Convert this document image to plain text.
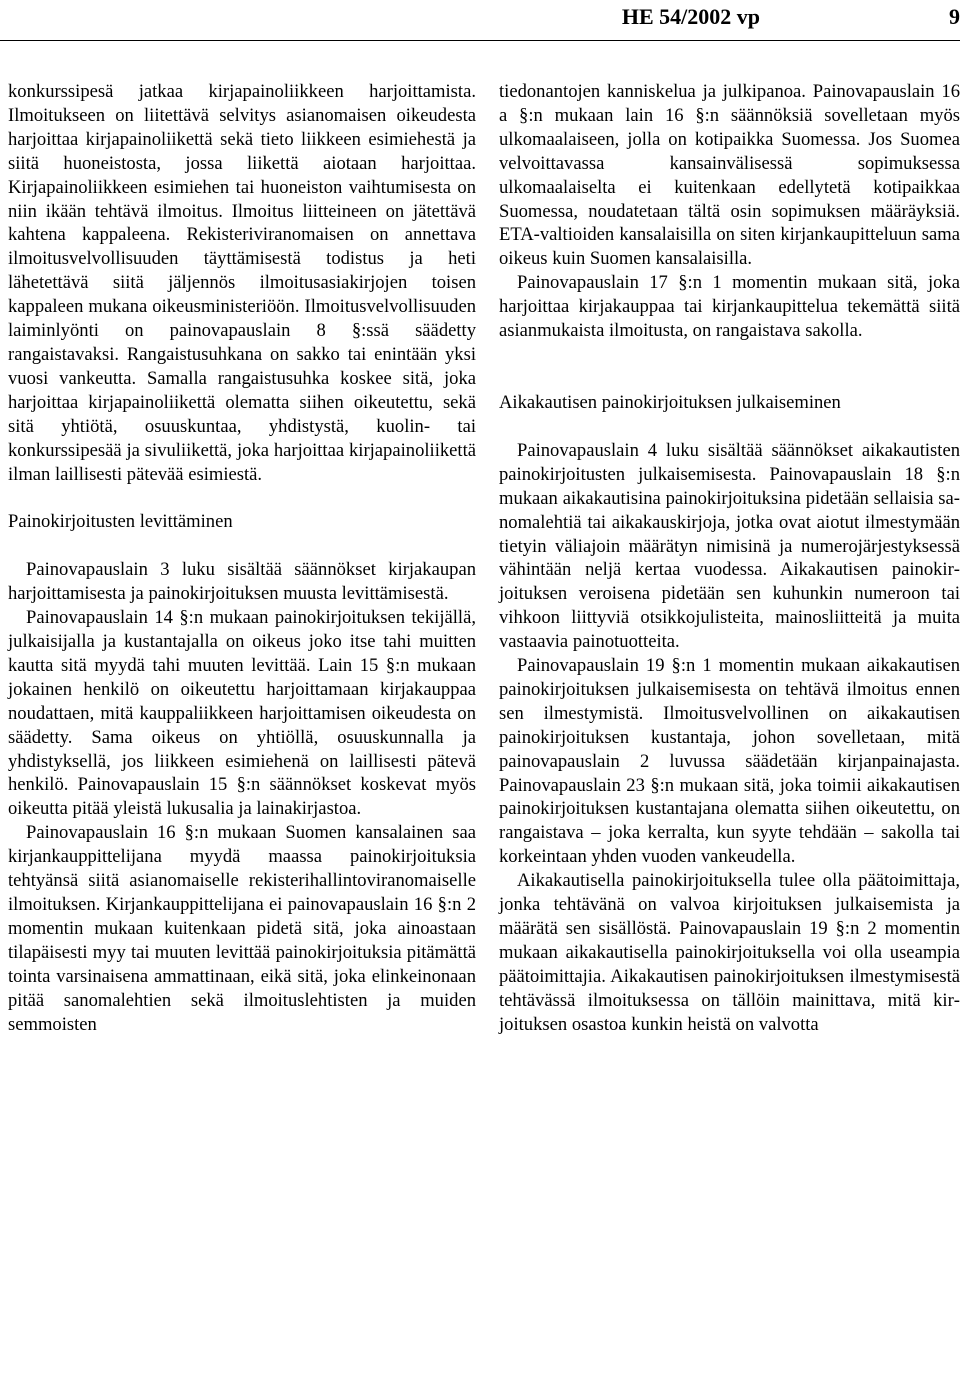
HE 54/2002 vp	9

konkurssipesä jatkaa kirjapainoliikkeen harjoittamista. Ilmoitukseen on liitettävä selvitys asianomaisen oikeudesta harjoittaa kirjapainoliikettä sekä tieto liikkeen esimiehestä ja siitä huoneistosta, jossa liikettä aiotaan harjoittaa. Kirjapainoliikkeen esimiehen tai huoneiston vaihtumisesta on niin ikään tehtävä ilmoitus. Ilmoitus liitteineen on jätettävä kahtena kappaleena. Rekisteriviranomaisen on annettava ilmoitusvelvollisuuden täyttämisestä todistus ja heti lähetettävä siitä jäljennös ilmoitusasiakirjojen toisen kappaleen mukana oikeusministeriöön. Ilmoitusvelvollisuuden laiminlyönti on painovapauslain 8 §:ssä säädetty rangaistavaksi. Rangaistusuhkana on sakko tai enintään yksi vuosi vankeutta. Samalla rangaistusuhka koskee sitä, joka harjoittaa kirjapainoliikettä olematta siihen oikeutettu, sekä sitä yhtiötä, osuuskuntaa, yhdistystä, kuolin- tai konkurssipesää ja sivuliikettä, joka harjoittaa kirjapainoliikettä ilman laillisesti pätevää esimiestä.

Painokirjoitusten levittäminen

Painovapauslain 3 luku sisältää säännökset kirjakaupan harjoittamisesta ja painokirjoituksen muusta levittämisestä.

Painovapauslain 14 §:n mukaan painokirjoituksen tekijällä, julkaisijalla ja kustantajalla on oikeus joko itse tahi muitten kautta sitä myydä tahi muuten levittää. Lain 15 §:n mukaan jokainen henkilö on oikeutettu harjoittamaan kirjakauppaa noudattaen, mitä kauppaliikkeen harjoittamisen oikeudesta on säädetty. Sama oikeus on yhtiöllä, osuuskunnalla ja yhdistyksellä, jos liikkeen esimiehenä on laillisesti pätevä henkilö. Painovapauslain 15 §:n säännökset koskevat myös oikeutta pitää yleistä lukusalia ja lainakirjastoa.

Painovapauslain 16 §:n mukaan Suomen kansalainen saa kirjankauppittelijana myydä maassa painokirjoituksia tehtyänsä siitä asianomaiselle rekisterihallintoviranomaiselle ilmoituksen. Kirjankauppittelijana ei painovapauslain 16 §:n 2 momentin mukaan kuitenkaan pidetä sitä, joka ainoastaan tilapäisesti myy tai muuten levittää painokirjoituksia pitämättä tointa varsinaisena ammattinaan, eikä sitä, joka elinkeinonaan pitää sanomalehtien sekä ilmoituslehtisten ja muiden semmoisten

tiedonantojen kanniskelua ja julkipanoa. Painovapauslain 16 a §:n mukaan lain 16 §:n säännöksiä sovelletaan myös ulkomaalaiseen, jolla on kotipaikka Suomessa. Jos Suomea velvoittavassa kansainvälisessä sopimuksessa ulkomaalaiselta ei kuitenkaan edellytetä kotipaikkaa Suomessa, noudatetaan tältä osin sopimuksen määräyksiä. ETA-valtioiden kansalaisilla on siten kirjankaupitteluun sama oikeus kuin Suomen kansalaisilla.

Painovapauslain 17 §:n 1 momentin mukaan sitä, joka harjoittaa kirjakauppaa tai kirjankaupittelua tekemättä siitä asianmukaista ilmoitusta, on rangaistava sakolla.

Aikakautisen painokirjoituksen julkaiseminen

Painovapauslain 4 luku sisältää säännökset aikakautisten painokirjoitusten julkaisemisesta. Painovapauslain 18 §:n mukaan aikakautisina painokirjoituksina pidetään sellaisia sanomalehtiä tai aikakauskirjoja, jotka ovat aiotut ilmestymään tietyin väliajoin määrätyn nimisinä ja numerojärjestyksessä vähintään neljä kertaa vuodessa. Aikakautisen painokirjoituksen veroisena pidetään sen kuhunkin numeroon tai vihkoon liittyviä otsikkojulisteita, mainosliitteitä ja muita vastaavia painotuotteita.

Painovapauslain 19 §:n 1 momentin mukaan aikakautisen painokirjoituksen julkaisemisesta on tehtävä ilmoitus ennen sen ilmestymistä. Ilmoitusvelvollinen on aikakautisen painokirjoituksen kustantaja, johon sovelletaan, mitä painovapauslain 2 luvussa säädetään kirjanpainajasta. Painovapauslain 23 §:n mukaan sitä, joka toimii aikakautisen painokirjoituksen kustantajana olematta siihen oikeutettu, on rangaistava – joka kerralta, kun syyte tehdään – sakolla tai korkeintaan yhden vuoden vankeudella.

Aikakautisella painokirjoituksella tulee olla päätoimittaja, jonka tehtävänä on valvoa kirjoituksen julkaisemista ja määrätä sen sisällöstä. Painovapauslain 19 §:n 2 momentin mukaan aikakautisella painokirjoituksella voi olla useampia päätoimittajia. Aikakautisen painokirjoituksen ilmestymisestä tehtävässä ilmoituksessa on tällöin mainittava, mitä kirjoituksen osastoa kunkin heistä on valvotta
